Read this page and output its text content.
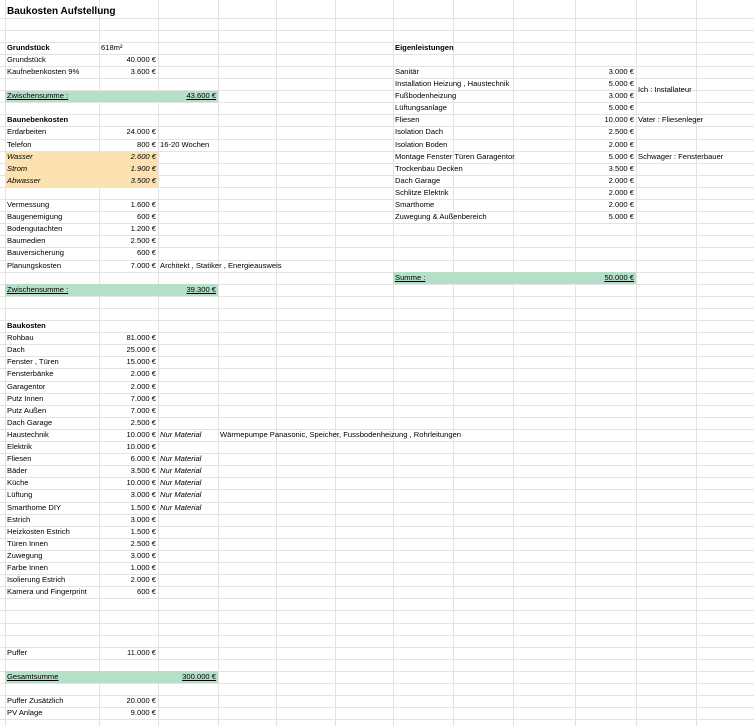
Baukosten Aufstellung
Grundstück	618m²
Grundstück	40.000 €
Kaufnebenkosten 9%	3.600 €
Zwischensumme :	43.600 €
Baunebenkosten
Erdarbeiten	24.000 €
Telefon	800 € 16-20 Wochen
Wasser	2.600 €
Strom	1.900 €
Abwasser	3.500 €
Vermessung	1.600 €
Baugenemigung	600 €
Bodengutachten	1.200 €
Baumedien	2.500 €
Bauversicherung	600 €
Planungskosten	7.000 € Architekt , Statiker , Energieausweis
Zwischensumme :	39.300 €
Baukosten
Rohbau	81.000 €
Dach	25.000 €
Fenster , Türen	15.000 €
Fensterbänke	2.000 €
Garagentor	2.000 €
Putz Innen	7.000 €
Putz Außen	7.000 €
Dach Garage	2.500 €
Haustechnik	10.000 € Nur Material Wärmepumpe Panasonic, Speicher, Fussbodenheizung , Rohrleitungen
Elektrik	10.000 €
Fliesen	6.000 € Nur Material
Bäder	3.500 € Nur Material
Küche	10.000 € Nur Material
Lüftung	3.000 € Nur Material
Smarthome DIY	1.500 € Nur Material
Estrich	3.000 €
Heizkosten Estrich	1.500 €
Türen Innen	2.500 €
Zuwegung	3.000 €
Farbe Innen	1.000 €
Isolierung Estrich	2.000 €
Kamera und Fingerprint	600 €
Puffer	11.000 €
Gesamtsumme	300.000 €
Puffer Zusätzlich	20.000 €
PV Anlage	9.000 €
Eigenleistungen
Sanitär	3.000 €
Installation Heizung , Haustechnik	5.000 €
Fußbodenheizung	3.000 €
Lüftungsanlage	5.000 €
Fliesen	10.000 €
Isolation Dach	2.500 €
Isolation Boden	2.000 €
Montage Fenster Türen Garagentor	5.000 €
Trockenbau Decken	3.500 €
Dach Garage	2.000 €
Schlitze Elektrik	2.000 €
Smarthome	2.000 €
Zuwegung & Außenbereich	5.000 €
Ich : Installateur
Vater : Fliesenleger
Schwager : Fensterbauer
Summe :	50.000 €
